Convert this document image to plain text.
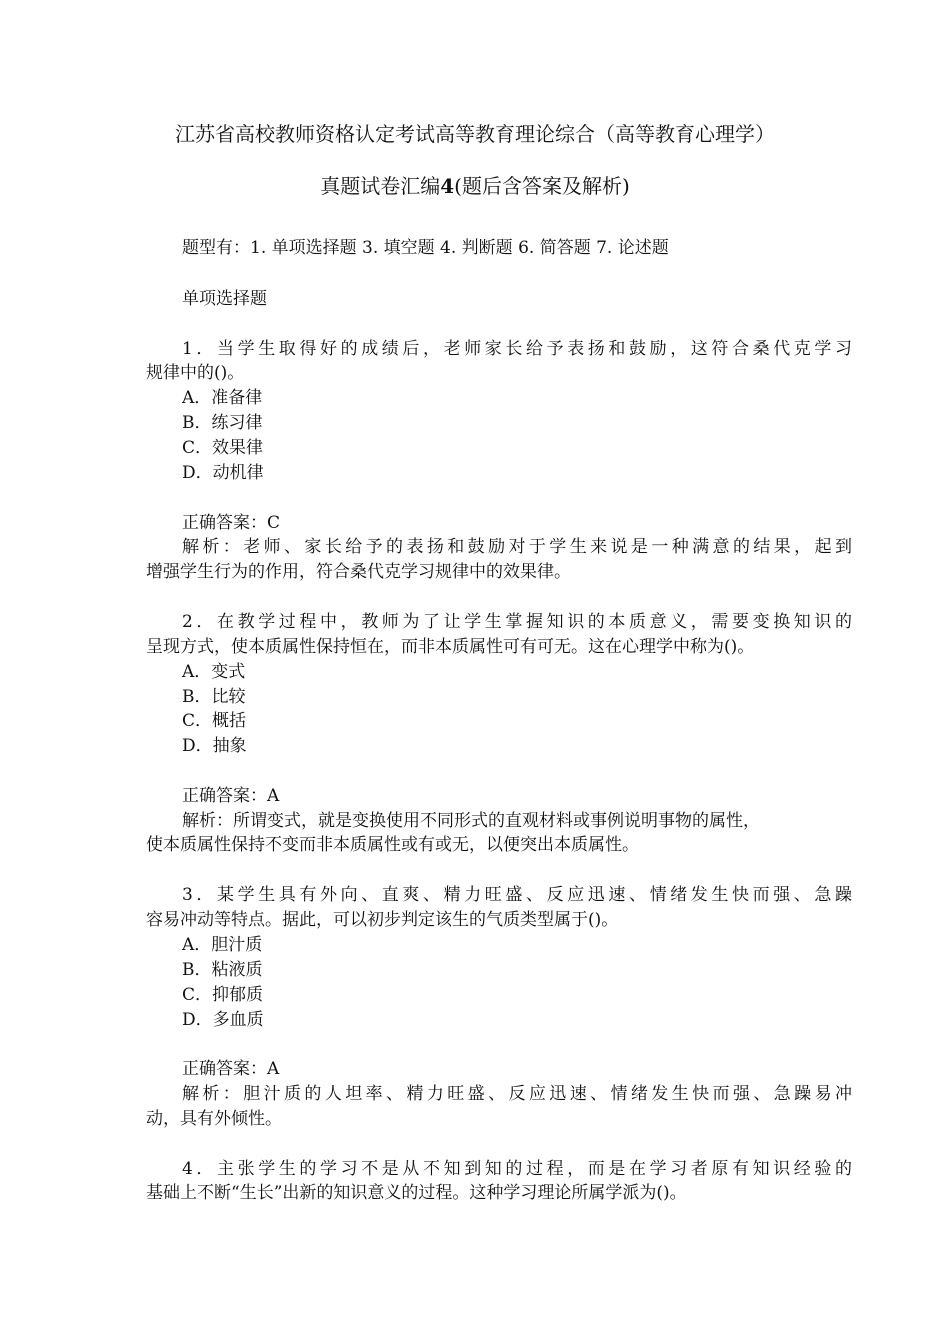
江苏省高校教师资格认定考试高等教育理论综合（高等教育心理学）
真题试卷汇编4(题后含答案及解析)
题型有：1. 单项选择题 3. 填空题 4. 判断题 6. 简答题 7. 论述题
单项选择题
1．当学生取得好的成绩后，老师家长给予表扬和鼓励，这符合桑代克学习
规律中的()。
A．准备律
B．练习律
C．效果律
D．动机律
正确答案：C
解析：老师、家长给予的表扬和鼓励对于学生来说是一种满意的结果，起到
增强学生行为的作用，符合桑代克学习规律中的效果律。
2．在教学过程中，教师为了让学生掌握知识的本质意义，需要变换知识的
呈现方式，使本质属性保持恒在，而非本质属性可有可无。这在心理学中称为()。
A．变式
B．比较
C．概括
D．抽象
正确答案：A
解析：所谓变式，就是变换使用不同形式的直观材料或事例说明事物的属性，
使本质属性保持不变而非本质属性或有或无，以便突出本质属性。
3．某学生具有外向、直爽、精力旺盛、反应迅速、情绪发生快而强、急躁
容易冲动等特点。据此，可以初步判定该生的气质类型属于()。
A．胆汁质
B．粘液质
C．抑郁质
D．多血质
正确答案：A
解析：胆汁质的人坦率、精力旺盛、反应迅速、情绪发生快而强、急躁易冲
动，具有外倾性。
4．主张学生的学习不是从不知到知的过程，而是在学习者原有知识经验的
基础上不断“生长”出新的知识意义的过程。这种学习理论所属学派为()。
